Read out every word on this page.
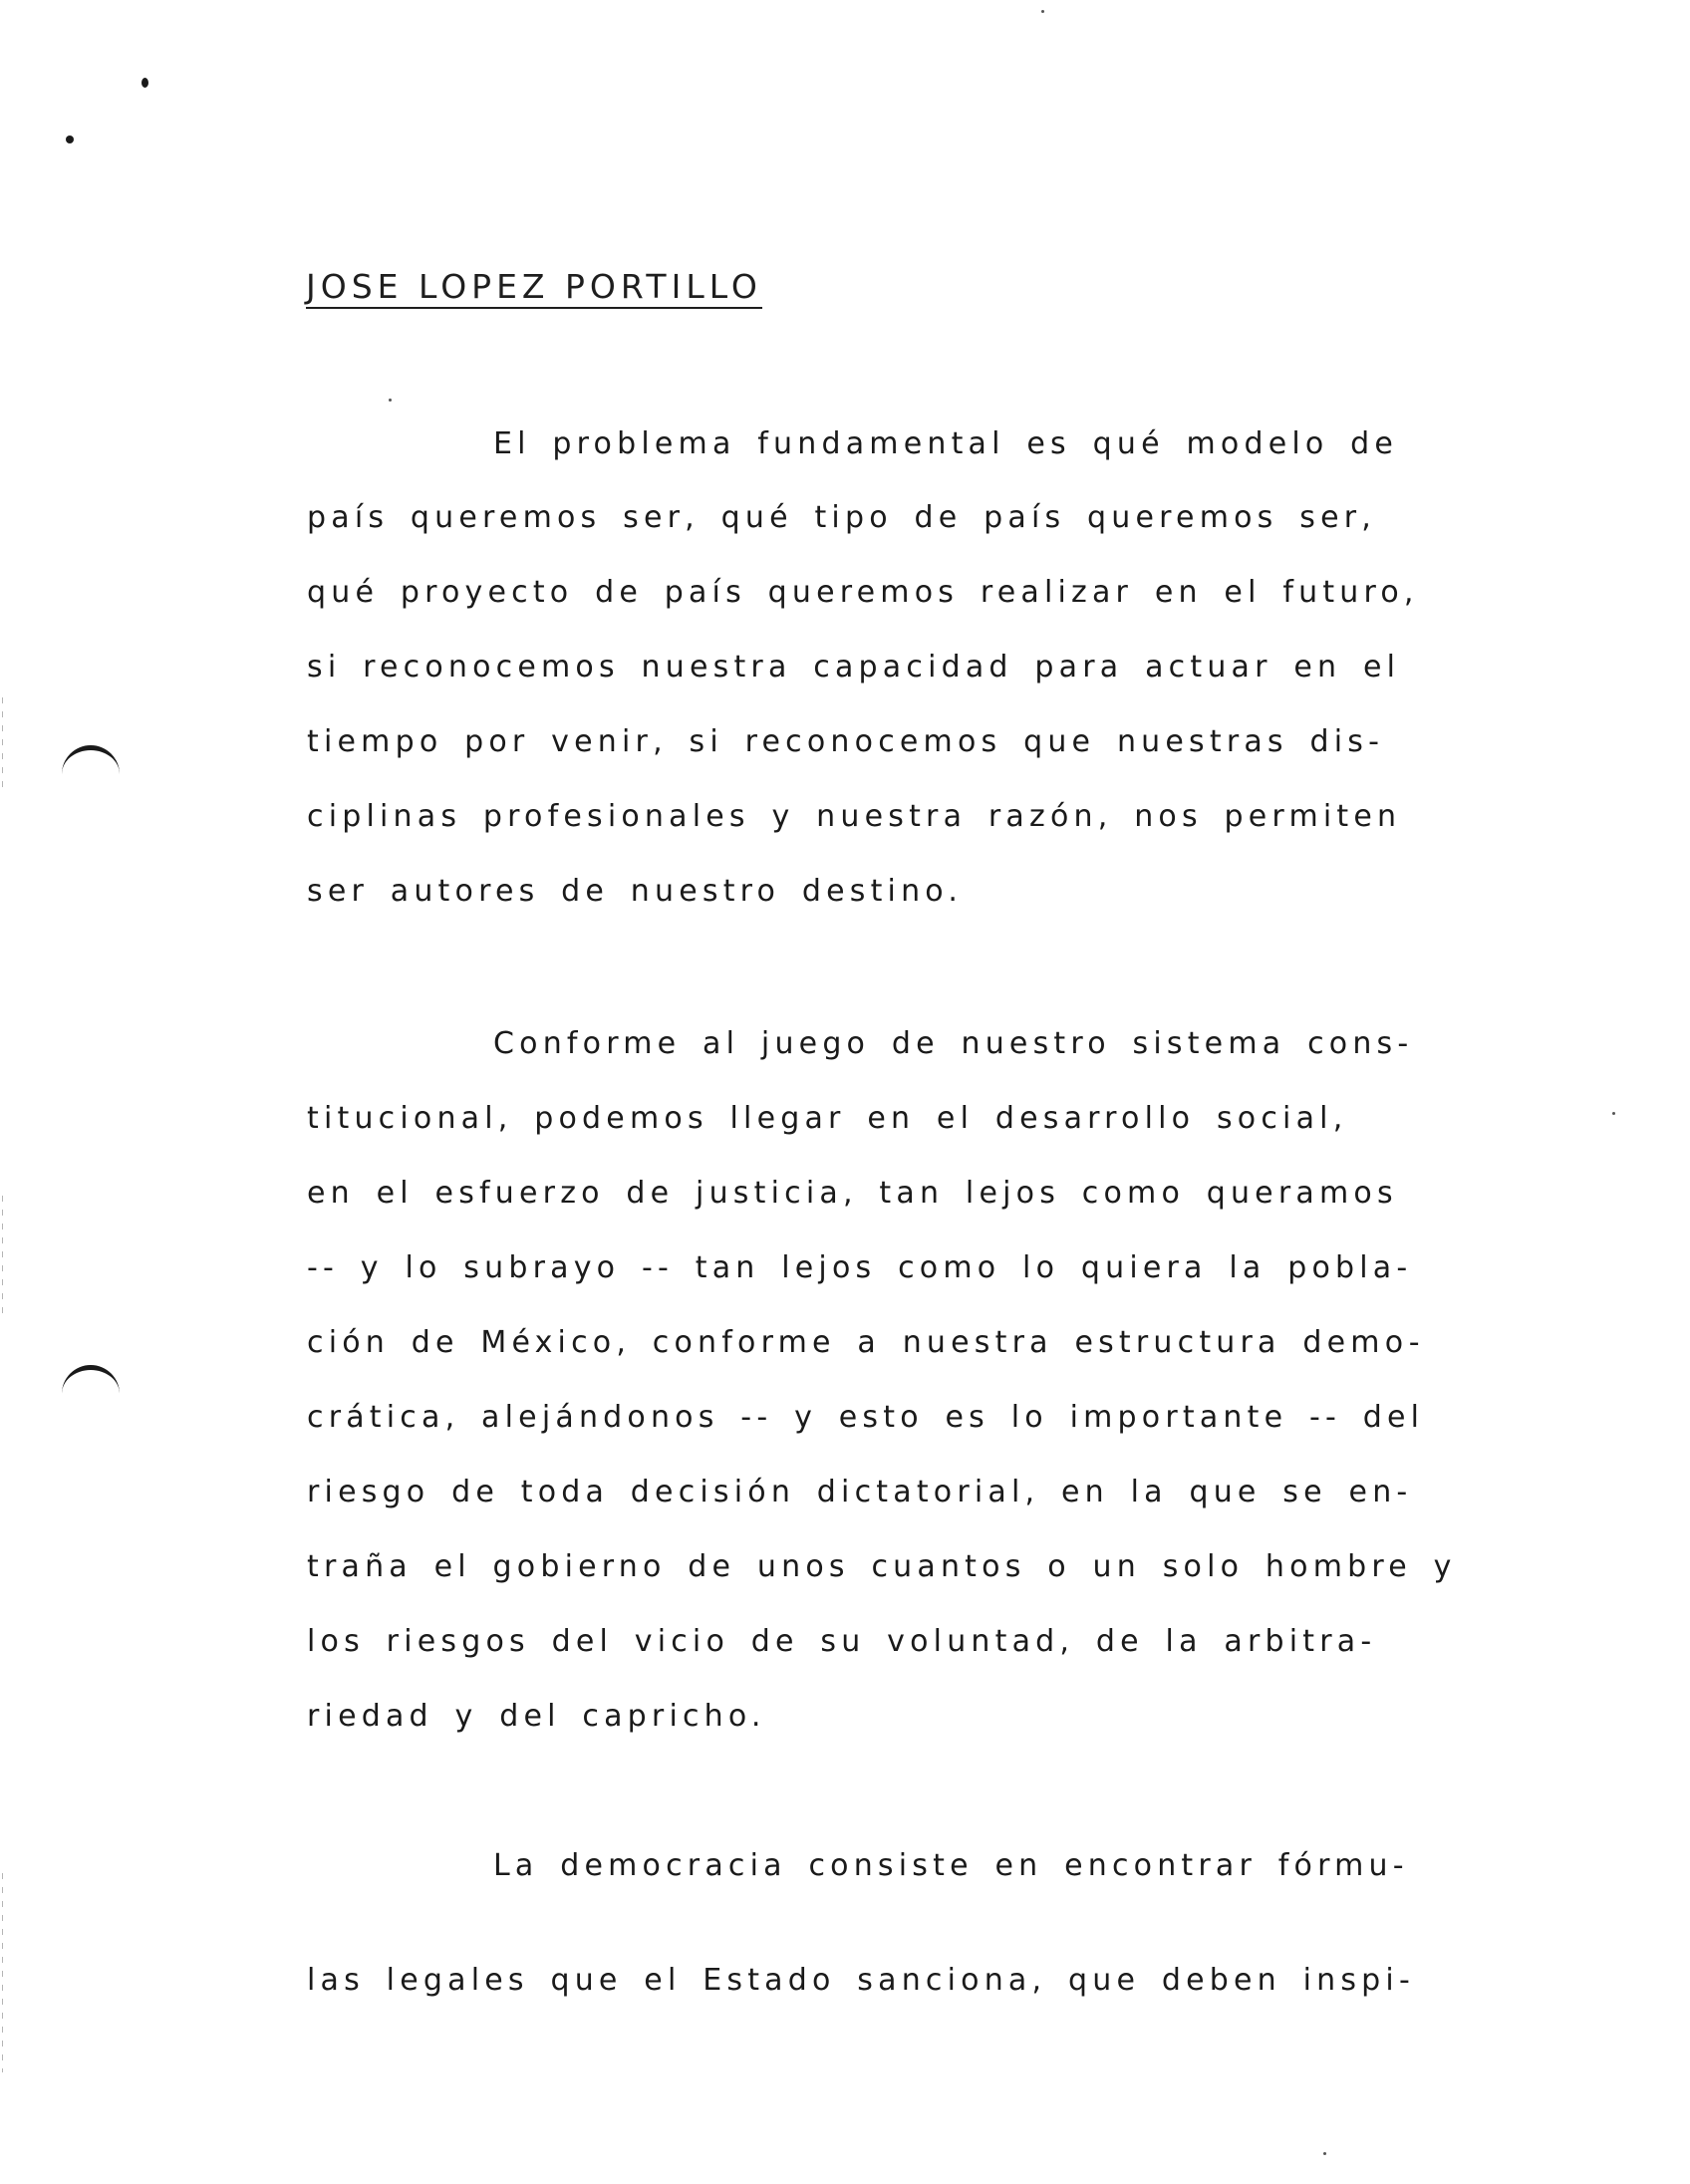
JOSE LOPEZ PORTILLO
El problema fundamental es qué modelo de
país queremos ser, qué tipo de país queremos ser,
qué proyecto de país queremos realizar en el futuro,
si reconocemos nuestra capacidad para actuar en el
tiempo por venir, si reconocemos que nuestras dis-
ciplinas profesionales y nuestra razón, nos permiten
ser autores de nuestro destino.
Conforme al juego de nuestro sistema cons-
titucional, podemos llegar en el desarrollo social,
en el esfuerzo de justicia, tan lejos como queramos
-- y lo subrayo -- tan lejos como lo quiera la pobla-
ción de México, conforme a nuestra estructura demo-
crática, alejándonos -- y esto es lo importante -- del
riesgo de toda decisión dictatorial, en la que se en-
traña el gobierno de unos cuantos o un solo hombre y
los riesgos del vicio de su voluntad, de la arbitra-
riedad y del capricho.
La democracia consiste en encontrar fórmu-
las legales que el Estado sanciona, que deben inspi-
